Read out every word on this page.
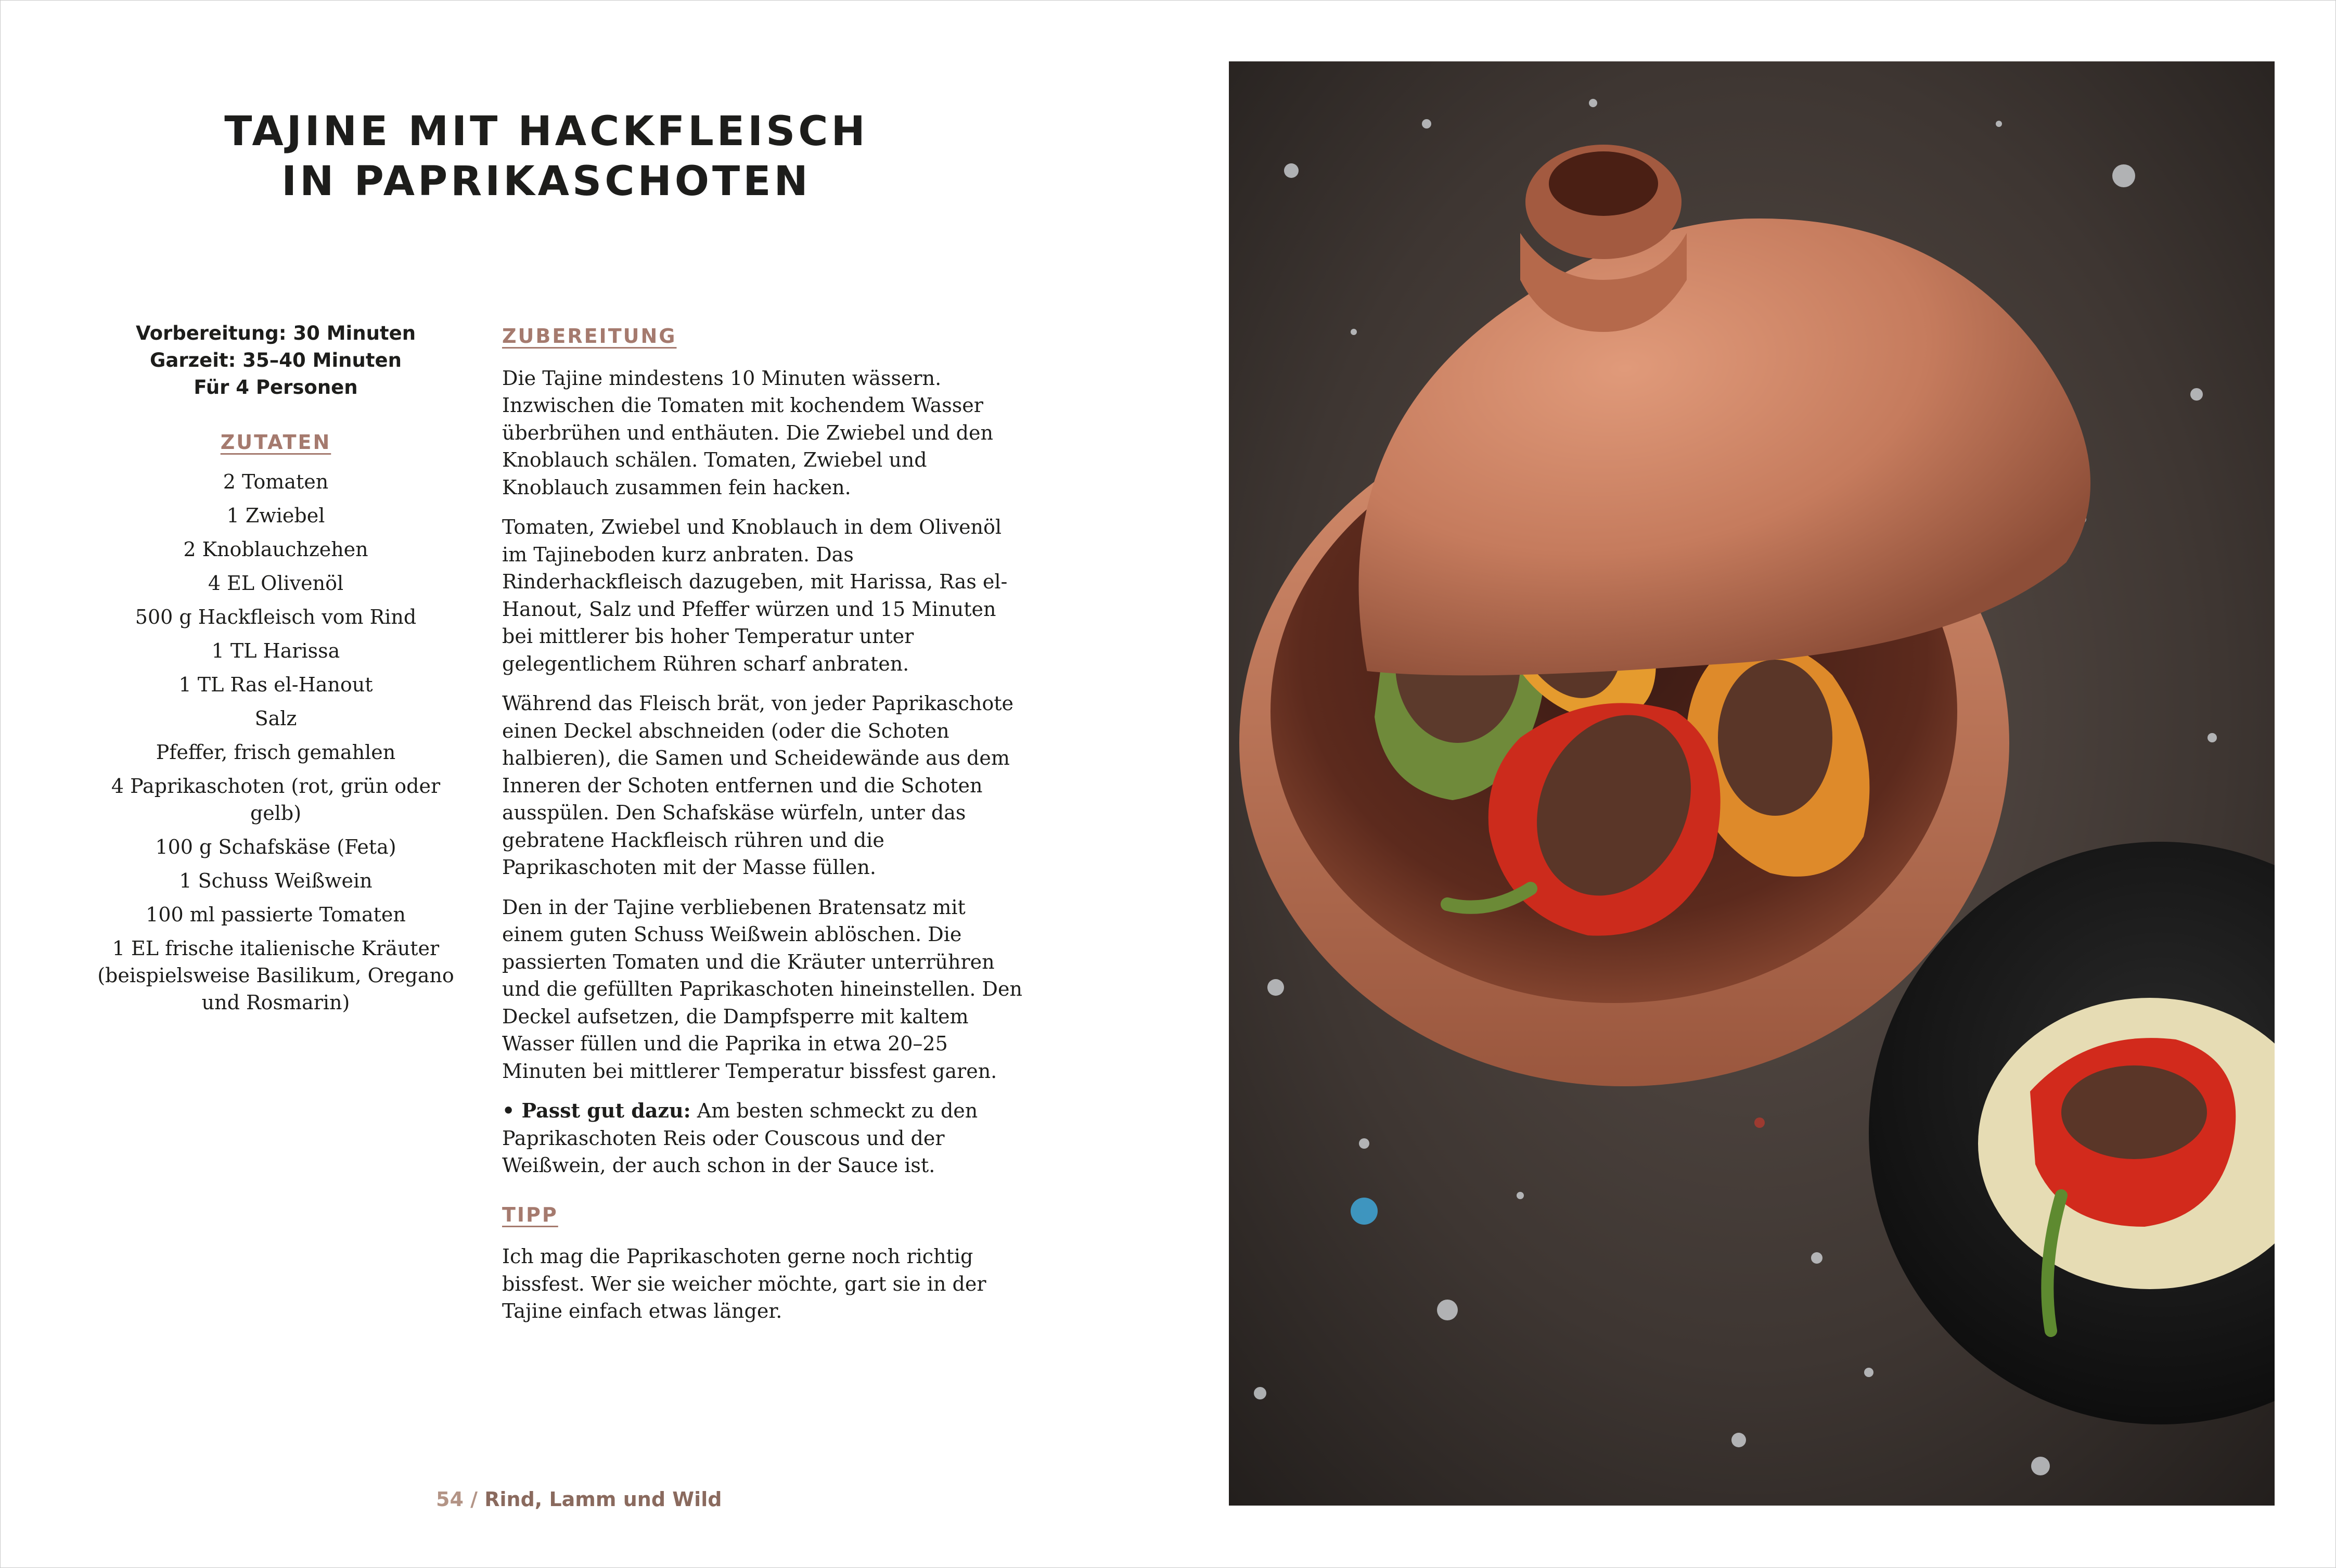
TAJINE MIT HACKFLEISCH
IN PAPRIKASCHOTEN
Vorbereitung: 30 Minuten
Garzeit: 35–40 Minuten
Für 4 Personen
ZUTATEN
2 Tomaten
1 Zwiebel
2 Knoblauchzehen
4 EL Olivenöl
500 g Hackfleisch vom Rind
1 TL Harissa
1 TL Ras el-Hanout
Salz
Pfeffer, frisch gemahlen
4 Paprikaschoten (rot, grün oder gelb)
100 g Schafskäse (Feta)
1 Schuss Weißwein
100 ml passierte Tomaten
1 EL frische italienische Kräuter (beispielsweise Basilikum, Oregano und Rosmarin)
ZUBEREITUNG

Die Tajine mindestens 10 Minuten wässern. Inzwischen die Tomaten mit kochendem Wasser überbrühen und enthäuten. Die Zwiebel und den Knoblauch schälen. Tomaten, Zwiebel und Knoblauch zusammen fein hacken.

Tomaten, Zwiebel und Knoblauch in dem Olivenöl im Tajineboden kurz anbraten. Das Rinderhackfleisch dazugeben, mit Harissa, Ras el-Hanout, Salz und Pfeffer würzen und 15 Minuten bei mittlerer bis hoher Temperatur unter gelegentlichem Rühren scharf anbraten.

Während das Fleisch brät, von jeder Paprikaschote einen Deckel abschneiden (oder die Schoten halbieren), die Samen und Scheidewände aus dem Inneren der Schoten entfernen und die Schoten ausspülen. Den Schafskäse würfeln, unter das gebratene Hackfleisch rühren und die Paprikaschoten mit der Masse füllen.

Den in der Tajine verbliebenen Bratensatz mit einem guten Schuss Weißwein ablöschen. Die passierten Tomaten und die Kräuter unterrühren und die gefüllten Paprikaschoten hineinstellen. Den Deckel aufsetzen, die Dampfsperre mit kaltem Wasser füllen und die Paprika in etwa 20–25 Minuten bei mittlerer Temperatur bissfest garen.

• Passt gut dazu: Am besten schmeckt zu den Paprikaschoten Reis oder Couscous und der Weißwein, der auch schon in der Sauce ist.

TIPP

Ich mag die Paprikaschoten gerne noch richtig bissfest. Wer sie weicher möchte, gart sie in der Tajine einfach etwas länger.

54 / Rind, Lamm und Wild
